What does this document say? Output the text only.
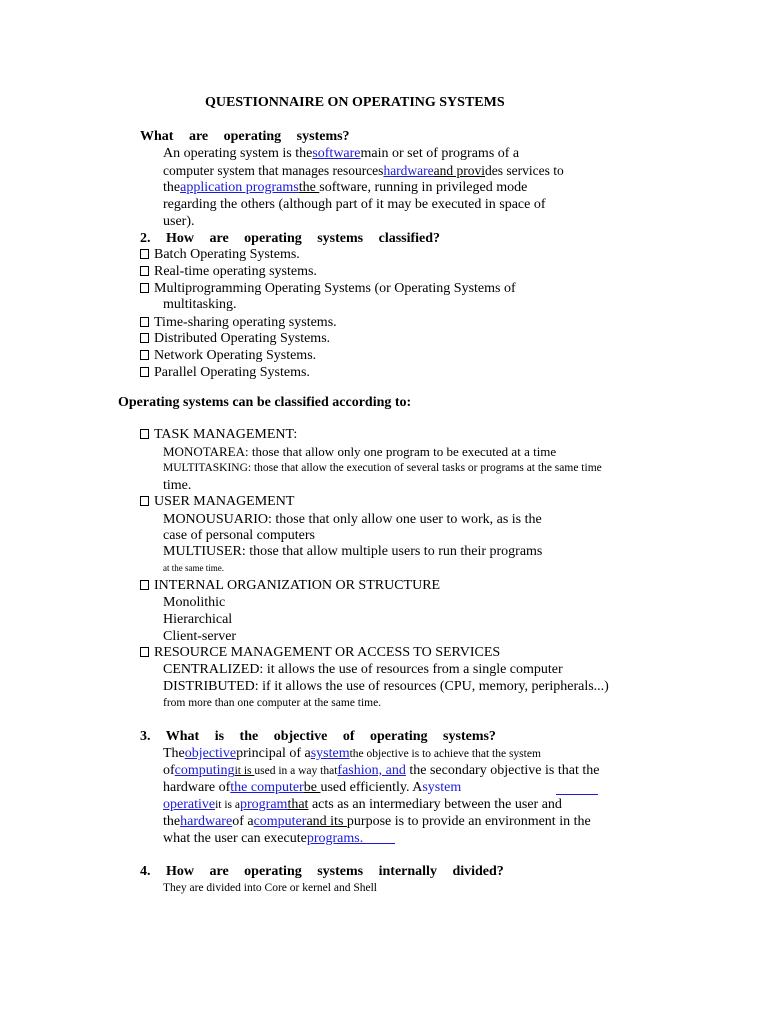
QUESTIONNAIRE ON OPERATING SYSTEMS
What are operating systems?
An operating system is thesoftwaremain or set of programs of a
computer system that manages resourceshardwareand provides services to
theapplication programsthe software, running in privileged mode
regarding the others (although part of it may be executed in space of
user).
2. How are operating systems classified?
Batch Operating Systems.
Real-time operating systems.
Multiprogramming Operating Systems (or Operating Systems of
multitasking.
Time-sharing operating systems.
Distributed Operating Systems.
Network Operating Systems.
Parallel Operating Systems.
Operating systems can be classified according to:
TASK MANAGEMENT:
MONOTAREA: those that allow only one program to be executed at a time
MULTITASKING: those that allow the execution of several tasks or programs at the same time
time.
USER MANAGEMENT
MONOUSUARIO: those that only allow one user to work, as is the
case of personal computers
MULTIUSER: those that allow multiple users to run their programs
at the same time.
INTERNAL ORGANIZATION OR STRUCTURE
Monolithic
Hierarchical
Client-server
RESOURCE MANAGEMENT OR ACCESS TO SERVICES
CENTRALIZED: it allows the use of resources from a single computer
DISTRIBUTED: if it allows the use of resources (CPU, memory, peripherals...)
from more than one computer at the same time.
3. What is the objective of operating systems?
Theobjectiveprincipal of asystemthe objective is to achieve that the system
ofcomputingit is used in a way thatfashion, and the secondary objective is that the
hardware ofthe computerbe used efficiently. Asystem
operativeit is aprogramthat acts as an intermediary between the user and
thehardwareof acomputerand its purpose is to provide an environment in the
what the user can executeprograms.
4. How are operating systems internally divided?
They are divided into Core or kernel and Shell
